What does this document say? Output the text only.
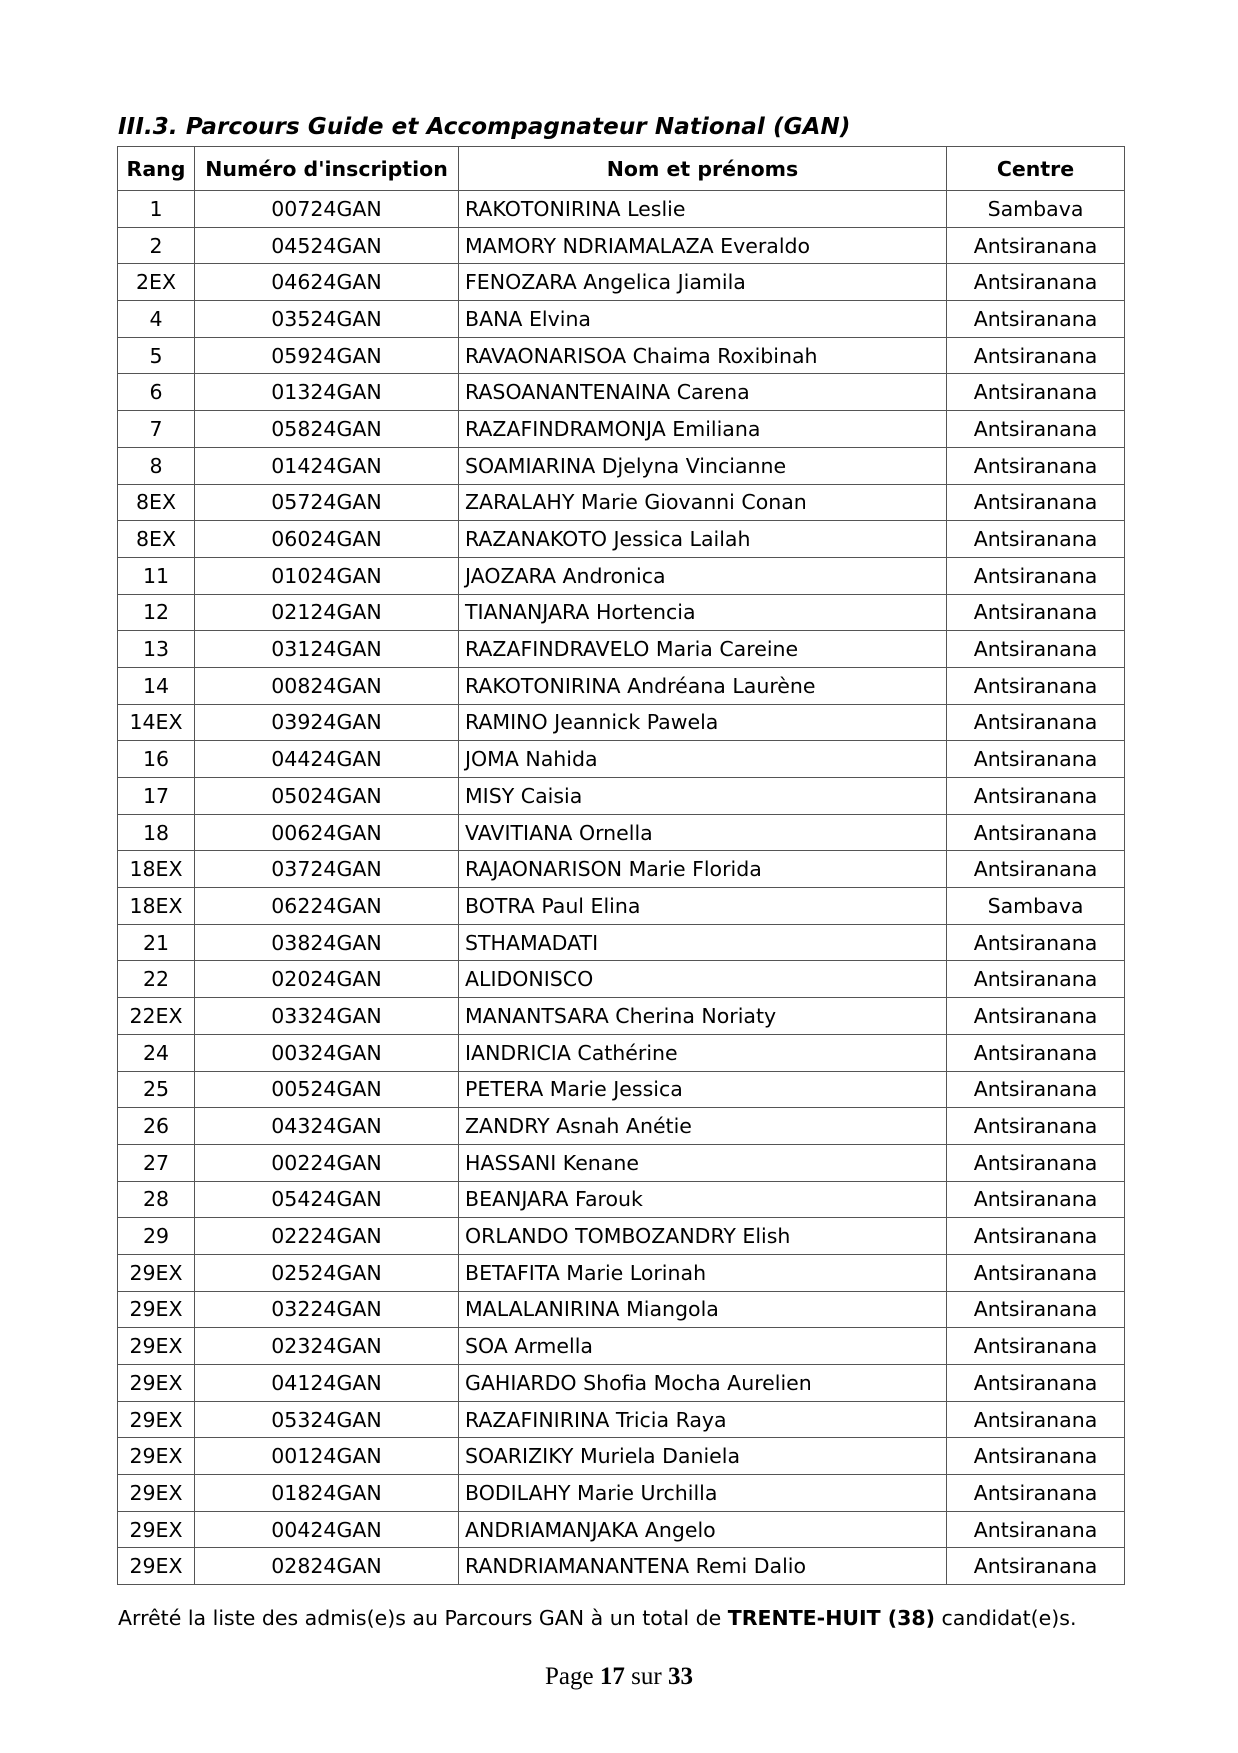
III.3. Parcours Guide et Accompagnateur National (GAN)
Rang	Numéro d'inscription	Nom et prénoms	Centre
1	00724GAN	RAKOTONIRINA Leslie	Sambava
2	04524GAN	MAMORY NDRIAMALAZA Everaldo	Antsiranana
2EX	04624GAN	FENOZARA Angelica Jiamila	Antsiranana
4	03524GAN	BANA Elvina	Antsiranana
5	05924GAN	RAVAONARISOA Chaima Roxibinah	Antsiranana
6	01324GAN	RASOANANTENAINA Carena	Antsiranana
7	05824GAN	RAZAFINDRAMONJA Emiliana	Antsiranana
8	01424GAN	SOAMIARINA Djelyna Vincianne	Antsiranana
8EX	05724GAN	ZARALAHY Marie Giovanni Conan	Antsiranana
8EX	06024GAN	RAZANAKOTO Jessica Lailah	Antsiranana
11	01024GAN	JAOZARA Andronica	Antsiranana
12	02124GAN	TIANANJARA Hortencia	Antsiranana
13	03124GAN	RAZAFINDRAVELO Maria Careine	Antsiranana
14	00824GAN	RAKOTONIRINA Andréana Laurène	Antsiranana
14EX	03924GAN	RAMINO Jeannick Pawela	Antsiranana
16	04424GAN	JOMA Nahida	Antsiranana
17	05024GAN	MISY Caisia	Antsiranana
18	00624GAN	VAVITIANA Ornella	Antsiranana
18EX	03724GAN	RAJAONARISON Marie Florida	Antsiranana
18EX	06224GAN	BOTRA Paul Elina	Sambava
21	03824GAN	STHAMADATI	Antsiranana
22	02024GAN	ALIDONISCO	Antsiranana
22EX	03324GAN	MANANTSARA Cherina Noriaty	Antsiranana
24	00324GAN	IANDRICIA Cathérine	Antsiranana
25	00524GAN	PETERA Marie Jessica	Antsiranana
26	04324GAN	ZANDRY Asnah Anétie	Antsiranana
27	00224GAN	HASSANI Kenane	Antsiranana
28	05424GAN	BEANJARA Farouk	Antsiranana
29	02224GAN	ORLANDO TOMBOZANDRY Elish	Antsiranana
29EX	02524GAN	BETAFITA Marie Lorinah	Antsiranana
29EX	03224GAN	MALALANIRINA Miangola	Antsiranana
29EX	02324GAN	SOA Armella	Antsiranana
29EX	04124GAN	GAHIARDO Shofia Mocha Aurelien	Antsiranana
29EX	05324GAN	RAZAFINIRINA Tricia Raya	Antsiranana
29EX	00124GAN	SOARIZIKY Muriela Daniela	Antsiranana
29EX	01824GAN	BODILAHY Marie Urchilla	Antsiranana
29EX	00424GAN	ANDRIAMANJAKA Angelo	Antsiranana
29EX	02824GAN	RANDRIAMANANTENA Remi Dalio	Antsiranana
Arrêté la liste des admis(e)s au Parcours GAN à un total de TRENTE-HUIT (38) candidat(e)s.
Page 17 sur 33
